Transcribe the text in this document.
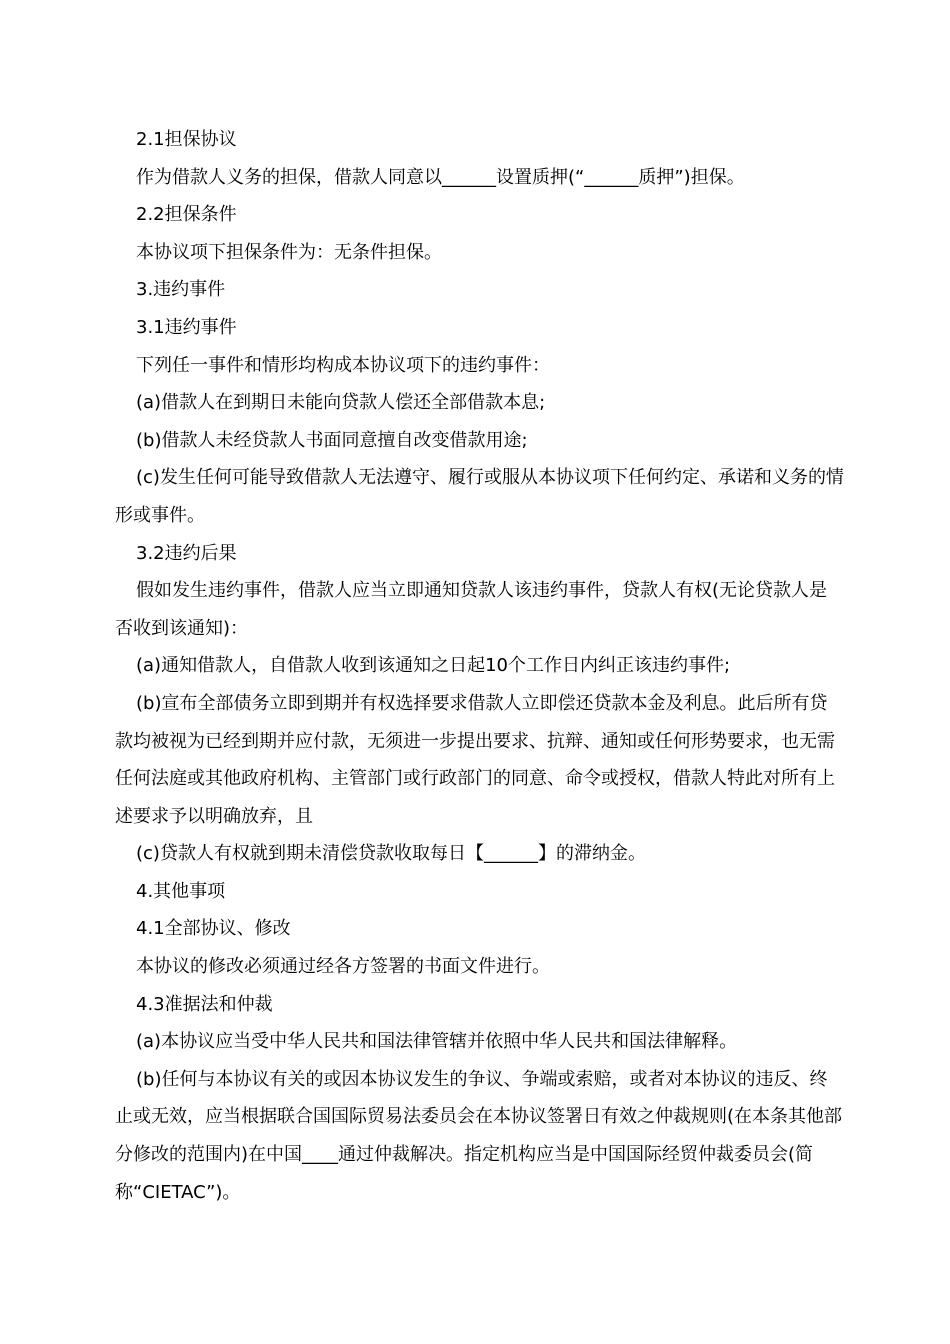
2.1担保协议

作为借款人义务的担保，借款人同意以______设置质押(“______质押”)担保。

2.2担保条件

本协议项下担保条件为：无条件担保。

3.违约事件

3.1违约事件

下列任一事件和情形均构成本协议项下的违约事件：

(a)借款人在到期日未能向贷款人偿还全部借款本息;

(b)借款人未经贷款人书面同意擅自改变借款用途;

(c)发生任何可能导致借款人无法遵守、履行或服从本协议项下任何约定、承诺和义务的情形或事件。

3.2违约后果

假如发生违约事件，借款人应当立即通知贷款人该违约事件，贷款人有权(无论贷款人是否收到该通知)：

(a)通知借款人，自借款人收到该通知之日起10个工作日内纠正该违约事件;

(b)宣布全部债务立即到期并有权选择要求借款人立即偿还贷款本金及利息。此后所有贷款均被视为已经到期并应付款，无须进一步提出要求、抗辩、通知或任何形势要求，也无需任何法庭或其他政府机构、主管部门或行政部门的同意、命令或授权，借款人特此对所有上述要求予以明确放弃，且

(c)贷款人有权就到期未清偿贷款收取每日【______】的滞纳金。

4.其他事项

4.1全部协议、修改

本协议的修改必须通过经各方签署的书面文件进行。

4.3准据法和仲裁

(a)本协议应当受中华人民共和国法律管辖并依照中华人民共和国法律解释。

(b)任何与本协议有关的或因本协议发生的争议、争端或索赔，或者对本协议的违反、终止或无效，应当根据联合国国际贸易法委员会在本协议签署日有效之仲裁规则(在本条其他部分修改的范围内)在中国____通过仲裁解决。指定机构应当是中国国际经贸仲裁委员会(简称“CIETAC”)。
